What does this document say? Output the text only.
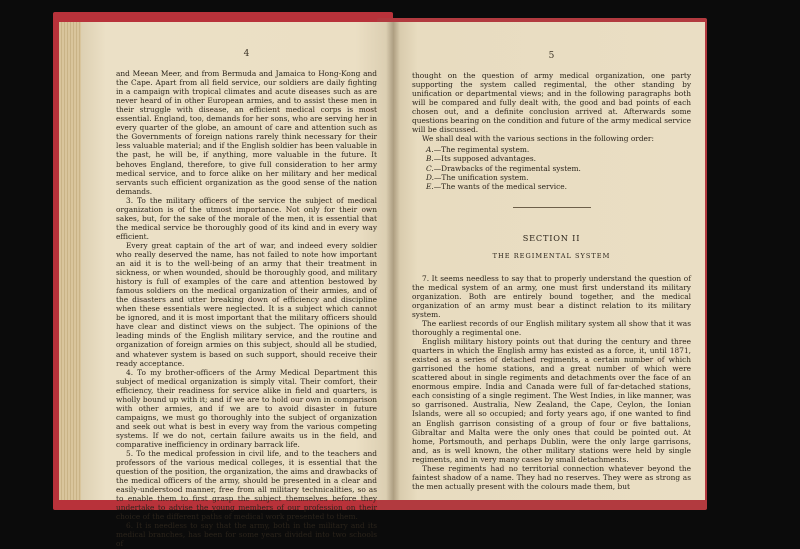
4

and Meean Meer, and from Bermuda and Jamaica to Hong-Kong and the Cape. Apart from all field service, our soldiers are daily fighting in a campaign with tropical climates and acute diseases such as are never heard of in other European armies, and to assist these men in their struggle with disease, an efficient medical corps is most essential. England, too, demands for her sons, who are serving her in every quarter of the globe, an amount of care and attention such as the Governments of foreign nations rarely think necessary for their less valuable material; and if the English soldier has been valuable in the past, he will be, if anything, more valuable in the future. It behoves England, therefore, to give full consideration to her army medical service, and to force alike on her military and her medical servants such efficient organization as the good sense of the nation demands.

3. To the military officers of the service the subject of medical organization is of the utmost importance. Not only for their own sakes, but, for the sake of the morale of the men, it is essential that the medical service be thoroughly good of its kind and in every way efficient.

Every great captain of the art of war, and indeed every soldier who really deserved the name, has not failed to note how important an aid it is to the well-being of an army that their treatment in sickness, or when wounded, should be thoroughly good, and military history is full of examples of the care and attention bestowed by famous soldiers on the medical organization of their armies, and of the disasters and utter breaking down of efficiency and discipline when these essentials were neglected. It is a subject which cannot be ignored, and it is most important that the military officers should have clear and distinct views on the subject. The opinions of the leading minds of the English military service, and the routine and organization of foreign armies on this subject, should all be studied, and whatever system is based on such support, should receive their ready acceptance.

4. To my brother-officers of the Army Medical Department this subject of medical organization is simply vital. Their comfort, their efficiency, their readiness for service alike in field and quarters, is wholly bound up with it; and if we are to hold our own in comparison with other armies, and if we are to avoid disaster in future campaigns, we must go thoroughly into the subject of organization and seek out what is best in every way from the various competing systems. If we do not, certain failure awaits us in the field, and comparative inefficiency in ordinary barrack life.

5. To the medical profession in civil life, and to the teachers and professors of the various medical colleges, it is essential that the question of the position, the organization, the aims and drawbacks of the medical officers of the army, should be presented in a clear and easily-understood manner, free from all military technicalities, so as to enable them to first grasp the subject themselves before they undertake to advise the young members of our profession on their choice of the different paths of medical work presented to them.

6. It is needless to say that the army, both in the military and its medical branches, has been for some years divided into two schools of

5

thought on the question of army medical organization, one party supporting the system called regimental, the other standing by unification or departmental views; and in the following paragraphs both will be compared and fully dealt with, the good and bad points of each chosen out, and a definite conclusion arrived at. Afterwards some questions bearing on the condition and future of the army medical service will be discussed.

We shall deal with the various sections in the following order:

A.—The regimental system.
B.—Its supposed advantages.
C.—Drawbacks of the regimental system.
D.—The unification system.
E.—The wants of the medical service.
SECTION II
THE REGIMENTAL SYSTEM

7. It seems needless to say that to properly understand the question of the medical system of an army, one must first understand its military organization. Both are entirely bound together, and the medical organization of an army must bear a distinct relation to its military system.

The earliest records of our English military system all show that it was thoroughly a regimental one.

English military history points out that during the century and three quarters in which the English army has existed as a force, it, until 1871, existed as a series of detached regiments, a certain number of which garrisoned the home stations, and a great number of which were scattered about in single regiments and detachments over the face of an enormous empire. India and Canada were full of far-detached stations, each consisting of a single regiment. The West Indies, in like manner, was so garrisoned. Australia, New Zealand, the Cape, Ceylon, the Ionian Islands, were all so occupied; and forty years ago, if one wanted to find an English garrison consisting of a group of four or five battalions, Gibraltar and Malta were the only ones that could be pointed out. At home, Portsmouth, and perhaps Dublin, were the only large garrisons, and, as is well known, the other military stations were held by single regiments, and in very many cases by small detachments.

These regiments had no territorial connection whatever beyond the faintest shadow of a name. They had no reserves. They were as strong as the men actually present with the colours made them, but
